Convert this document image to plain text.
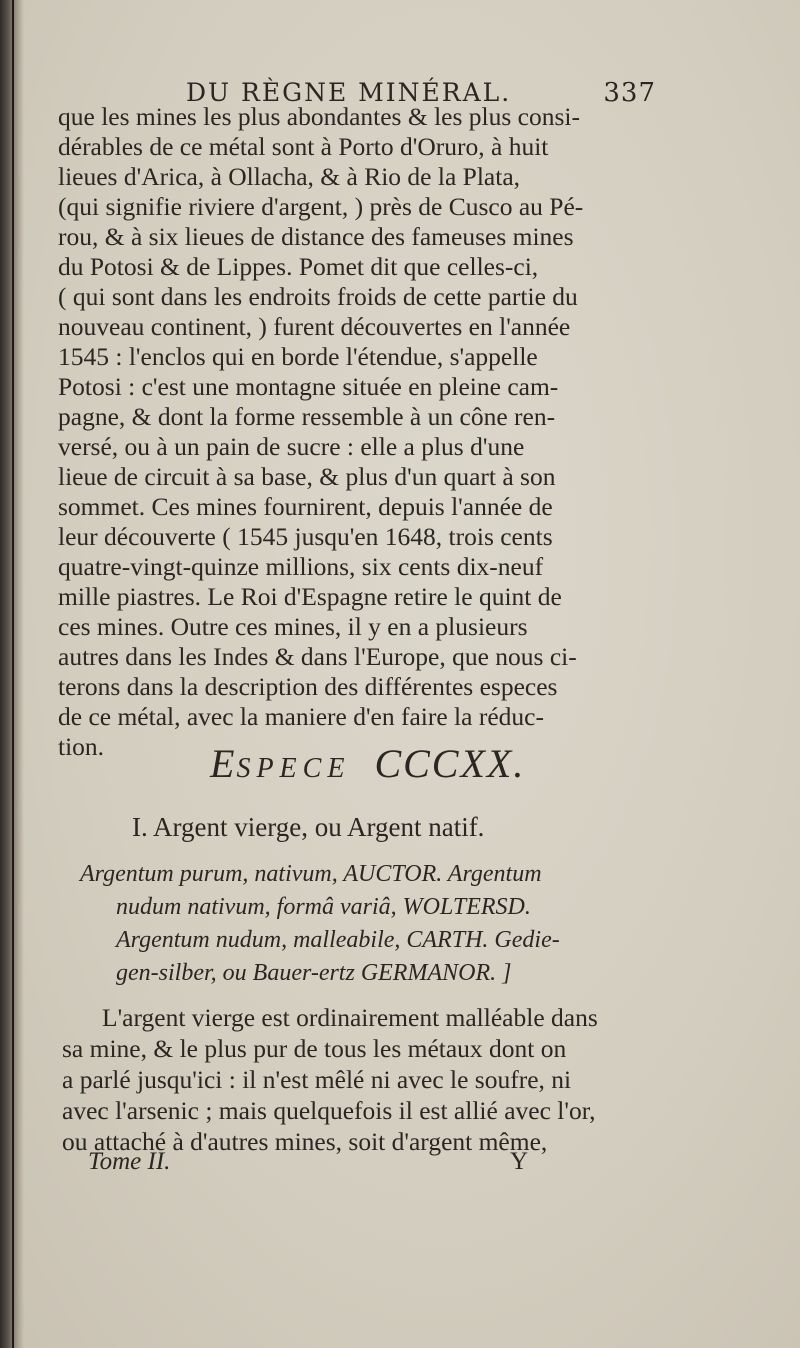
DU RÈGNE MINÉRAL.	337
que les mines les plus abondantes & les plus consi-
dérables de ce métal sont à Porto d'Oruro, à huit
lieues d'Arica, à Ollacha, & à Rio de la Plata,
(qui signifie riviere d'argent, ) près de Cusco au Pé-
rou, & à six lieues de distance des fameuses mines
du Potosi & de Lippes. Pomet dit que celles-ci,
( qui sont dans les endroits froids de cette partie du
nouveau continent, ) furent découvertes en l'année
1545 : l'enclos qui en borde l'étendue, s'appelle
Potosi : c'est une montagne située en pleine cam-
pagne, & dont la forme ressemble à un cône ren-
versé, ou à un pain de sucre : elle a plus d'une
lieue de circuit à sa base, & plus d'un quart à son
sommet. Ces mines fournirent, depuis l'année de
leur découverte ( 1545 jusqu'en 1648, trois cents
quatre-vingt-quinze millions, six cents dix-neuf
mille piastres. Le Roi d'Espagne retire le quint de
ces mines. Outre ces mines, il y en a plusieurs
autres dans les Indes & dans l'Europe, que nous ci-
terons dans la description des différentes especes
de ce métal, avec la maniere d'en faire la réduc-
tion.	ESPECE CCCXX.
I. Argent vierge, ou Argent natif.
Argentum purum, nativum, AUCTOR. Argentum
nudum nativum, formâ variâ, WOLTERSD.
Argentum nudum, malleabile, CARTH. Gedie-
gen-silber, ou Bauer-ertz GERMANOR. ]
L'argent vierge est ordinairement malléable dans
sa mine, & le plus pur de tous les métaux dont on
a parlé jusqu'ici : il n'est mêlé ni avec le soufre, ni
avec l'arsenic ; mais quelquefois il est allié avec l'or,
ou attaché à d'autres mines, soit d'argent même,
Tome II.	Y
